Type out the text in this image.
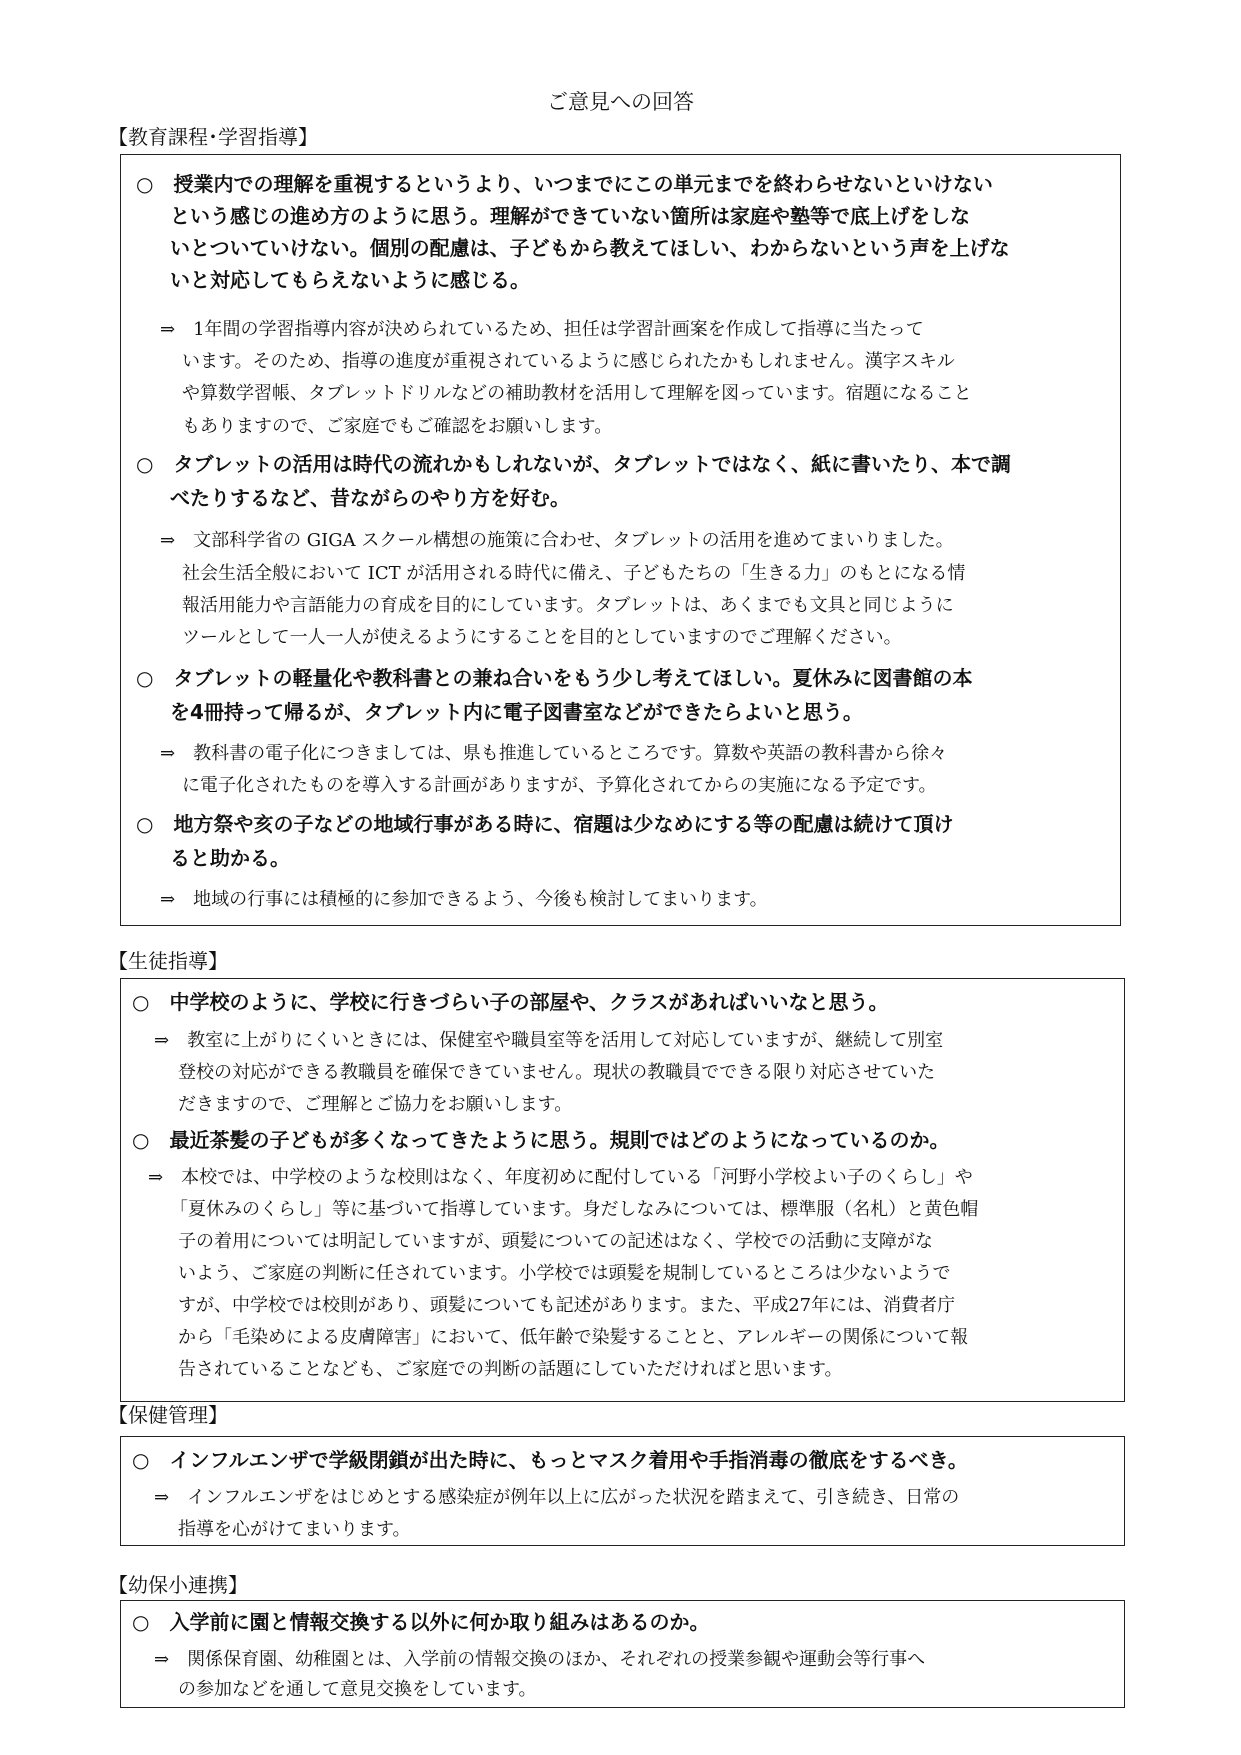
ご意見への回答
【教育課程･学習指導】
○　授業内での理解を重視するというより、いつまでにこの単元までを終わらせないといけない
という感じの進め方のように思う。理解ができていない箇所は家庭や塾等で底上げをしな
いとついていけない。個別の配慮は、子どもから教えてほしい、わからないという声を上げな
いと対応してもらえないように感じる。
⇒　1年間の学習指導内容が決められているため、担任は学習計画案を作成して指導に当たって
います。そのため、指導の進度が重視されているように感じられたかもしれません。漢字スキル
や算数学習帳、タブレットドリルなどの補助教材を活用して理解を図っています。宿題になること
もありますので、ご家庭でもご確認をお願いします。
○　タブレットの活用は時代の流れかもしれないが、タブレットではなく、紙に書いたり、本で調
べたりするなど、昔ながらのやり方を好む。
⇒　文部科学省の GIGA スクール構想の施策に合わせ、タブレットの活用を進めてまいりました。
社会生活全般において ICT が活用される時代に備え、子どもたちの「生きる力」のもとになる情
報活用能力や言語能力の育成を目的にしています。タブレットは、あくまでも文具と同じように
ツールとして一人一人が使えるようにすることを目的としていますのでご理解ください。
○　タブレットの軽量化や教科書との兼ね合いをもう少し考えてほしい。夏休みに図書館の本
を4冊持って帰るが、タブレット内に電子図書室などができたらよいと思う。
⇒　教科書の電子化につきましては、県も推進しているところです。算数や英語の教科書から徐々
に電子化されたものを導入する計画がありますが、予算化されてからの実施になる予定です。
○　地方祭や亥の子などの地域行事がある時に、宿題は少なめにする等の配慮は続けて頂け
ると助かる。
⇒　地域の行事には積極的に参加できるよう、今後も検討してまいります。
【生徒指導】
○　中学校のように、学校に行きづらい子の部屋や、クラスがあればいいなと思う。
⇒　教室に上がりにくいときには、保健室や職員室等を活用して対応していますが、継続して別室
登校の対応ができる教職員を確保できていません。現状の教職員でできる限り対応させていた
だきますので、ご理解とご協力をお願いします。
○　最近茶髪の子どもが多くなってきたように思う。規則ではどのようになっているのか。
⇒　本校では、中学校のような校則はなく、年度初めに配付している「河野小学校よい子のくらし」や
「夏休みのくらし」等に基づいて指導しています。身だしなみについては、標準服（名札）と黄色帽
子の着用については明記していますが、頭髪についての記述はなく、学校での活動に支障がな
いよう、ご家庭の判断に任されています。小学校では頭髪を規制しているところは少ないようで
すが、中学校では校則があり、頭髪についても記述があります。また、平成27年には、消費者庁
から「毛染めによる皮膚障害」において、低年齢で染髪することと、アレルギーの関係について報
告されていることなども、ご家庭での判断の話題にしていただければと思います。
【保健管理】
○　インフルエンザで学級閉鎖が出た時に、もっとマスク着用や手指消毒の徹底をするべき。
⇒　インフルエンザをはじめとする感染症が例年以上に広がった状況を踏まえて、引き続き、日常の
指導を心がけてまいります。
【幼保小連携】
○　入学前に園と情報交換する以外に何か取り組みはあるのか。
⇒　関係保育園、幼稚園とは、入学前の情報交換のほか、それぞれの授業参観や運動会等行事へ
の参加などを通して意見交換をしています。
